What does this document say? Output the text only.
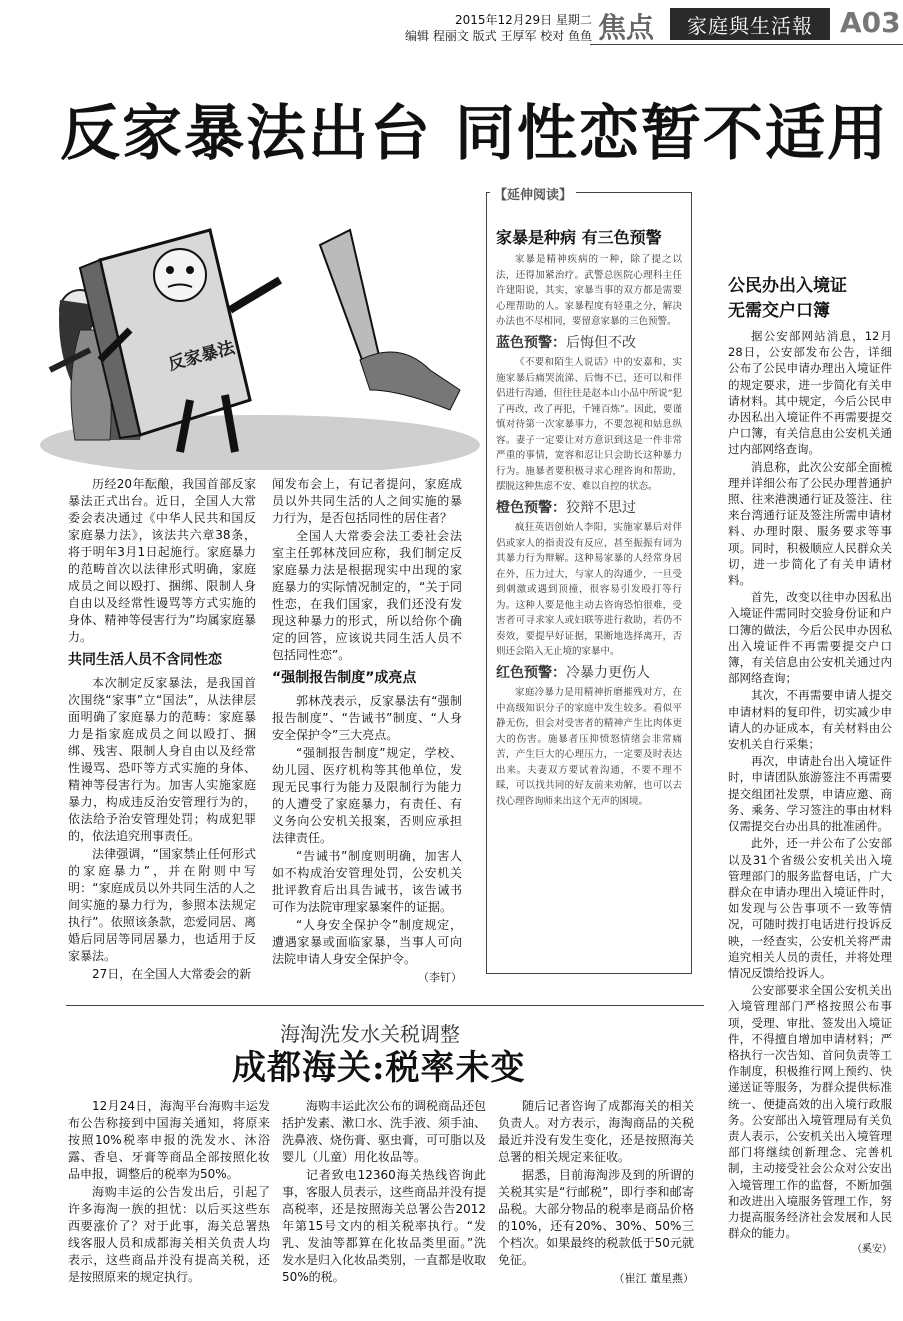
2015年12月29日 星期二
编辑 程丽文 版式 王厚军 校对 鱼鱼 焦点	家庭與生活報 A03
反家暴法出台 同性恋暂不适用
反家暴法

历经20年酝酿，我国首部反家暴法正式出台。近日，全国人大常委会表决通过《中华人民共和国反家庭暴力法》，该法共六章38条，将于明年3月1日起施行。家庭暴力的范畴首次以法律形式明确，家庭成员之间以殴打、捆绑、限制人身自由以及经常性谩骂等方式实施的身体、精神等侵害行为”均属家庭暴力。

共同生活人员不含同性恋

本次制定反家暴法，是我国首次围绕“家事”立“国法”，从法律层面明确了家庭暴力的范畴：家庭暴力是指家庭成员之间以殴打、捆绑、残害、限制人身自由以及经常性谩骂、恐吓等方式实施的身体、精神等侵害行为。加害人实施家庭暴力，构成违反治安管理行为的，依法给予治安管理处罚；构成犯罪的，依法追究刑事责任。

法律强调，“国家禁止任何形式的家庭暴力”，并在附则中写明：“家庭成员以外共同生活的人之间实施的暴力行为，参照本法规定执行”。依照该条款，恋爱同居、离婚后同居等同居暴力，也适用于反家暴法。

27日，在全国人大常委会的新

闻发布会上，有记者提问，家庭成员以外共同生活的人之间实施的暴力行为，是否包括同性的居住者？

全国人大常委会法工委社会法室主任郭林茂回应称，我们制定反家庭暴力法是根据现实中出现的家庭暴力的实际情况制定的，“关于同性恋，在我们国家，我们还没有发现这种暴力的形式，所以给你个确定的回答，应该说共同生活人员不包括同性恋”。

“强制报告制度”成亮点

郭林茂表示，反家暴法有“强制报告制度”、“告诫书”制度、“人身安全保护令”三大亮点。

“强制报告制度”规定，学校、幼儿园、医疗机构等其他单位，发现无民事行为能力及限制行为能力的人遭受了家庭暴力，有责任、有义务向公安机关报案，否则应承担法律责任。

“告诫书”制度则明确，加害人如不构成治安管理处罚，公安机关批评教育后出具告诫书，该告诫书可作为法院审理家暴案件的证据。

“人身安全保护令”制度规定，遭遇家暴或面临家暴，当事人可向法院申请人身安全保护令。

（李钉）
【延伸阅读】
家暴是种病 有三色预警

家暴是精神疾病的一种，除了提之以法，还得加紧治疗。武警总医院心理科主任许建阳说，其实，家暴当事的双方都是需要心理帮助的人。家暴程度有轻重之分，解决办法也不尽相同，要留意家暴的三色预警。

蓝色预警：后悔但不改

《不要和陌生人说话》中的安嘉和，实施家暴后痛哭流涕、后悔不已，还可以和伴侣进行沟通，但往往是赵本山小品中所说“犯了再改，改了再犯，千锤百炼”。因此，要谨慎对待第一次家暴事力，不要忽视和姑息纵容。妻子一定要让对方意识到这是一件非常严重的事情，宽容和忍让只会助长这种暴力行为。施暴者要积极寻求心理咨询和帮助，摆脱这种焦虑不安、难以自控的状态。

橙色预警：狡辩不思过

疯狂英语创始人李阳，实施家暴后对伴侣或家人的指责没有反应，甚至振振有词为其暴力行为辩解。这种易家暴的人经常身居在外，压力过大，与家人的沟通少，一旦受到刺激或遇到顶撞，很容易引发殴打等行为。这种人要是他主动去咨询恐怕很难，受害者可寻求家人或妇联等进行救助，若仍不奏效，要提早好证据，果断地选择离开，否则还会陷入无止境的家暴中。

红色预警：冷暴力更伤人

家庭冷暴力是用精神折磨摧残对方，在中高级知识分子的家庭中发生较多。看似平静无伤，但会对受害者的精神产生比肉体更大的伤害。施暴者压抑愤怒情绪会非常痛苦，产生巨大的心理压力，一定要及时表达出来。夫妻双方要试着沟通，不要不理不睬，可以找共同的好友前来劝解，也可以去找心理咨询师来出这个无声的困境。

公民办出入境证
无需交户口簿

据公安部网站消息，12月28日，公安部发布公告，详细公布了公民申请办理出入境证件的规定要求，进一步简化有关申请材料。其中规定，今后公民申办因私出入境证件不再需要提交户口簿，有关信息由公安机关通过内部网络查询。

消息称，此次公安部全面梳理并详细公布了公民办理普通护照、往来港澳通行证及签注、往来台湾通行证及签注所需申请材料、办理时限、服务要求等事项。同时，积极顺应人民群众关切，进一步简化了有关申请材料。

首先，改变以往申办因私出入境证件需同时交验身份证和户口簿的做法，今后公民申办因私出入境证件不再需要提交户口簿，有关信息由公安机关通过内部网络查询；

其次，不再需要申请人提交申请材料的复印件，切实减少申请人的办证成本，有关材料由公安机关自行采集；

再次，申请赴台出入境证件时，申请团队旅游签注不再需要提交组团社发票，申请应邀、商务、乘务、学习签注的事由材料仅需提交台办出具的批准函件。

此外，还一并公布了公安部以及31个省级公安机关出入境管理部门的服务监督电话，广大群众在申请办理出入境证件时，如发现与公告事项不一致等情况，可随时拨打电话进行投诉反映，一经查实，公安机关将严肃追究相关人员的责任，并将处理情况反馈给投诉人。

公安部要求全国公安机关出入境管理部门严格按照公布事项，受理、审批、签发出入境证件，不得擅自增加申请材料；严格执行一次告知、首问负责等工作制度，积极推行网上预约、快递送证等服务，为群众提供标准统一、便捷高效的出入境行政服务。公安部出入境管理局有关负责人表示，公安机关出入境管理部门将继续创新理念、完善机制，主动接受社会公众对公安出入境管理工作的监督，不断加强和改进出入境服务管理工作，努力提高服务经济社会发展和人民群众的能力。

（奚安）
海淘洗发水关税调整
成都海关:税率未变

12月24日，海淘平台海购丰运发布公告称接到中国海关通知，将原来按照10%税率申报的洗发水、沐浴露、香皂、牙膏等商品全部按照化妆品申报，调整后的税率为50%。

海购丰运的公告发出后，引起了许多海淘一族的担忧：以后买这些东西要涨价了？对于此事，海关总署热线客服人员和成都海关相关负责人均表示，这些商品并没有提高关税，还是按照原来的规定执行。

海购丰运此次公布的调税商品还包括护发素、漱口水、洗手液、须手油、洗鼻液、烧伤膏、驱虫膏，可可脂以及婴儿（儿童）用化妆品等。

记者致电12360海关热线咨询此事，客服人员表示，这些商品并没有提高税率，还是按照海关总署公告2012年第15号文内的相关税率执行。“发乳、发油等都算在化妆品类里面。”洗发水是归入化妆品类别，一直都是收取50%的税。

随后记者咨询了成都海关的相关负责人。对方表示，海淘商品的关税最近并没有发生变化，还是按照海关总署的相关规定来征收。

据悉，目前海淘涉及到的所谓的关税其实是“行邮税”，即行李和邮寄品税。大部分物品的税率是商品价格的10%，还有20%、30%、50%三个档次。如果最终的税款低于50元就免征。

（崔江 董星燕）
